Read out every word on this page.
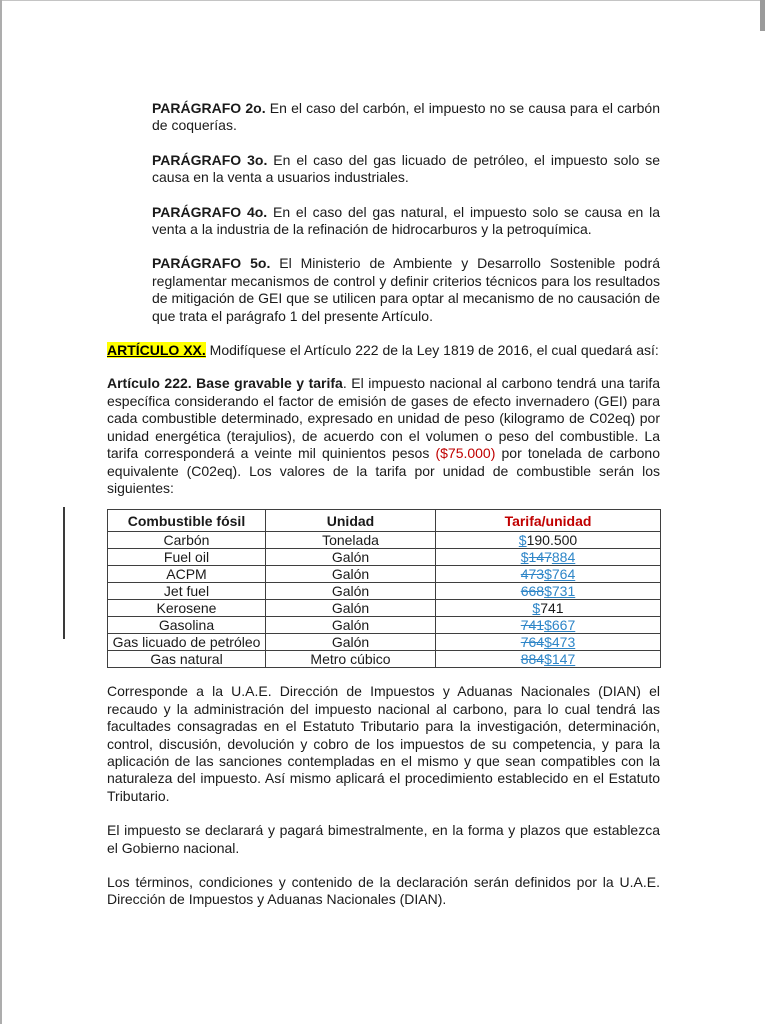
PARÁGRAFO 2o. En el caso del carbón, el impuesto no se causa para el carbón de coquerías.

PARÁGRAFO 3o. En el caso del gas licuado de petróleo, el impuesto solo se causa en la venta a usuarios industriales.

PARÁGRAFO 4o. En el caso del gas natural, el impuesto solo se causa en la venta a la industria de la refinación de hidrocarburos y la petroquímica.

PARÁGRAFO 5o. El Ministerio de Ambiente y Desarrollo Sostenible podrá reglamentar mecanismos de control y definir criterios técnicos para los resultados de mitigación de GEI que se utilicen para optar al mecanismo de no causación de que trata el parágrafo 1 del presente Artículo.

ARTÍCULO XX. Modifíquese el Artículo 222 de la Ley 1819 de 2016, el cual quedará así:

Artículo 222. Base gravable y tarifa. El impuesto nacional al carbono tendrá una tarifa específica considerando el factor de emisión de gases de efecto invernadero (GEI) para cada combustible determinado, expresado en unidad de peso (kilogramo de C02eq) por unidad energética (terajulios), de acuerdo con el volumen o peso del combustible. La tarifa corresponderá a veinte mil quinientos pesos ($75.000) por tonelada de carbono equivalente (C02eq). Los valores de la tarifa por unidad de combustible serán los siguientes:

Combustible fósil	Unidad	Tarifa/unidad
Carbón	Tonelada	$190.500
Fuel oil	Galón	$147884
ACPM	Galón	473$764
Jet fuel	Galón	668$731
Kerosene	Galón	$741
Gasolina	Galón	741$667
Gas licuado de petróleo	Galón	764$473
Gas natural	Metro cúbico	884$147

Corresponde a la U.A.E. Dirección de Impuestos y Aduanas Nacionales (DIAN) el recaudo y la administración del impuesto nacional al carbono, para lo cual tendrá las facultades consagradas en el Estatuto Tributario para la investigación, determinación, control, discusión, devolución y cobro de los impuestos de su competencia, y para la aplicación de las sanciones contempladas en el mismo y que sean compatibles con la naturaleza del impuesto. Así mismo aplicará el procedimiento establecido en el Estatuto Tributario.

El impuesto se declarará y pagará bimestralmente, en la forma y plazos que establezca el Gobierno nacional.

Los términos, condiciones y contenido de la declaración serán definidos por la U.A.E. Dirección de Impuestos y Aduanas Nacionales (DIAN).
